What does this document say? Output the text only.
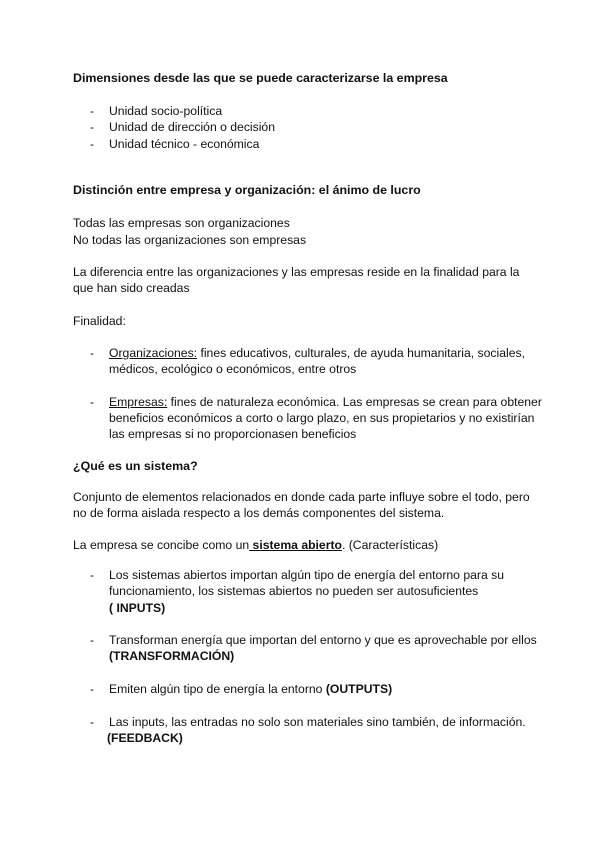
Dimensiones desde las que se puede caracterizarse la empresa
- Unidad socio-política
- Unidad de dirección o decisión
- Unidad técnico - económica
Distinción entre empresa y organización: el ánimo de lucro

Todas las empresas son organizaciones

No todas las organizaciones son empresas

La diferencia entre las organizaciones y las empresas reside en la finalidad para la que han sido creadas

Finalidad:

- Organizaciones: fines educativos, culturales, de ayuda humanitaria, sociales, médicos, ecológico o económicos, entre otros
- Empresas: fines de naturaleza económica. Las empresas se crean para obtener beneficios económicos a corto o largo plazo, en sus propietarios y no existirían las empresas si no proporcionasen beneficios
¿Qué es un sistema?

Conjunto de elementos relacionados en donde cada parte influye sobre el todo, pero no de forma aislada respecto a los demás componentes del sistema.

La empresa se concibe como un sistema abierto. (Características)

- Los sistemas abiertos importan algún tipo de energía del entorno para su funcionamiento, los sistemas abiertos no pueden ser autosuficientes
( INPUTS)
- Transforman energía que importan del entorno y que es aprovechable por ellos (TRANSFORMACIÓN)
- Emiten algún tipo de energía la entorno (OUTPUTS)
- Las inputs, las entradas no solo son materiales sino también, de información.
(FEEDBACK)
